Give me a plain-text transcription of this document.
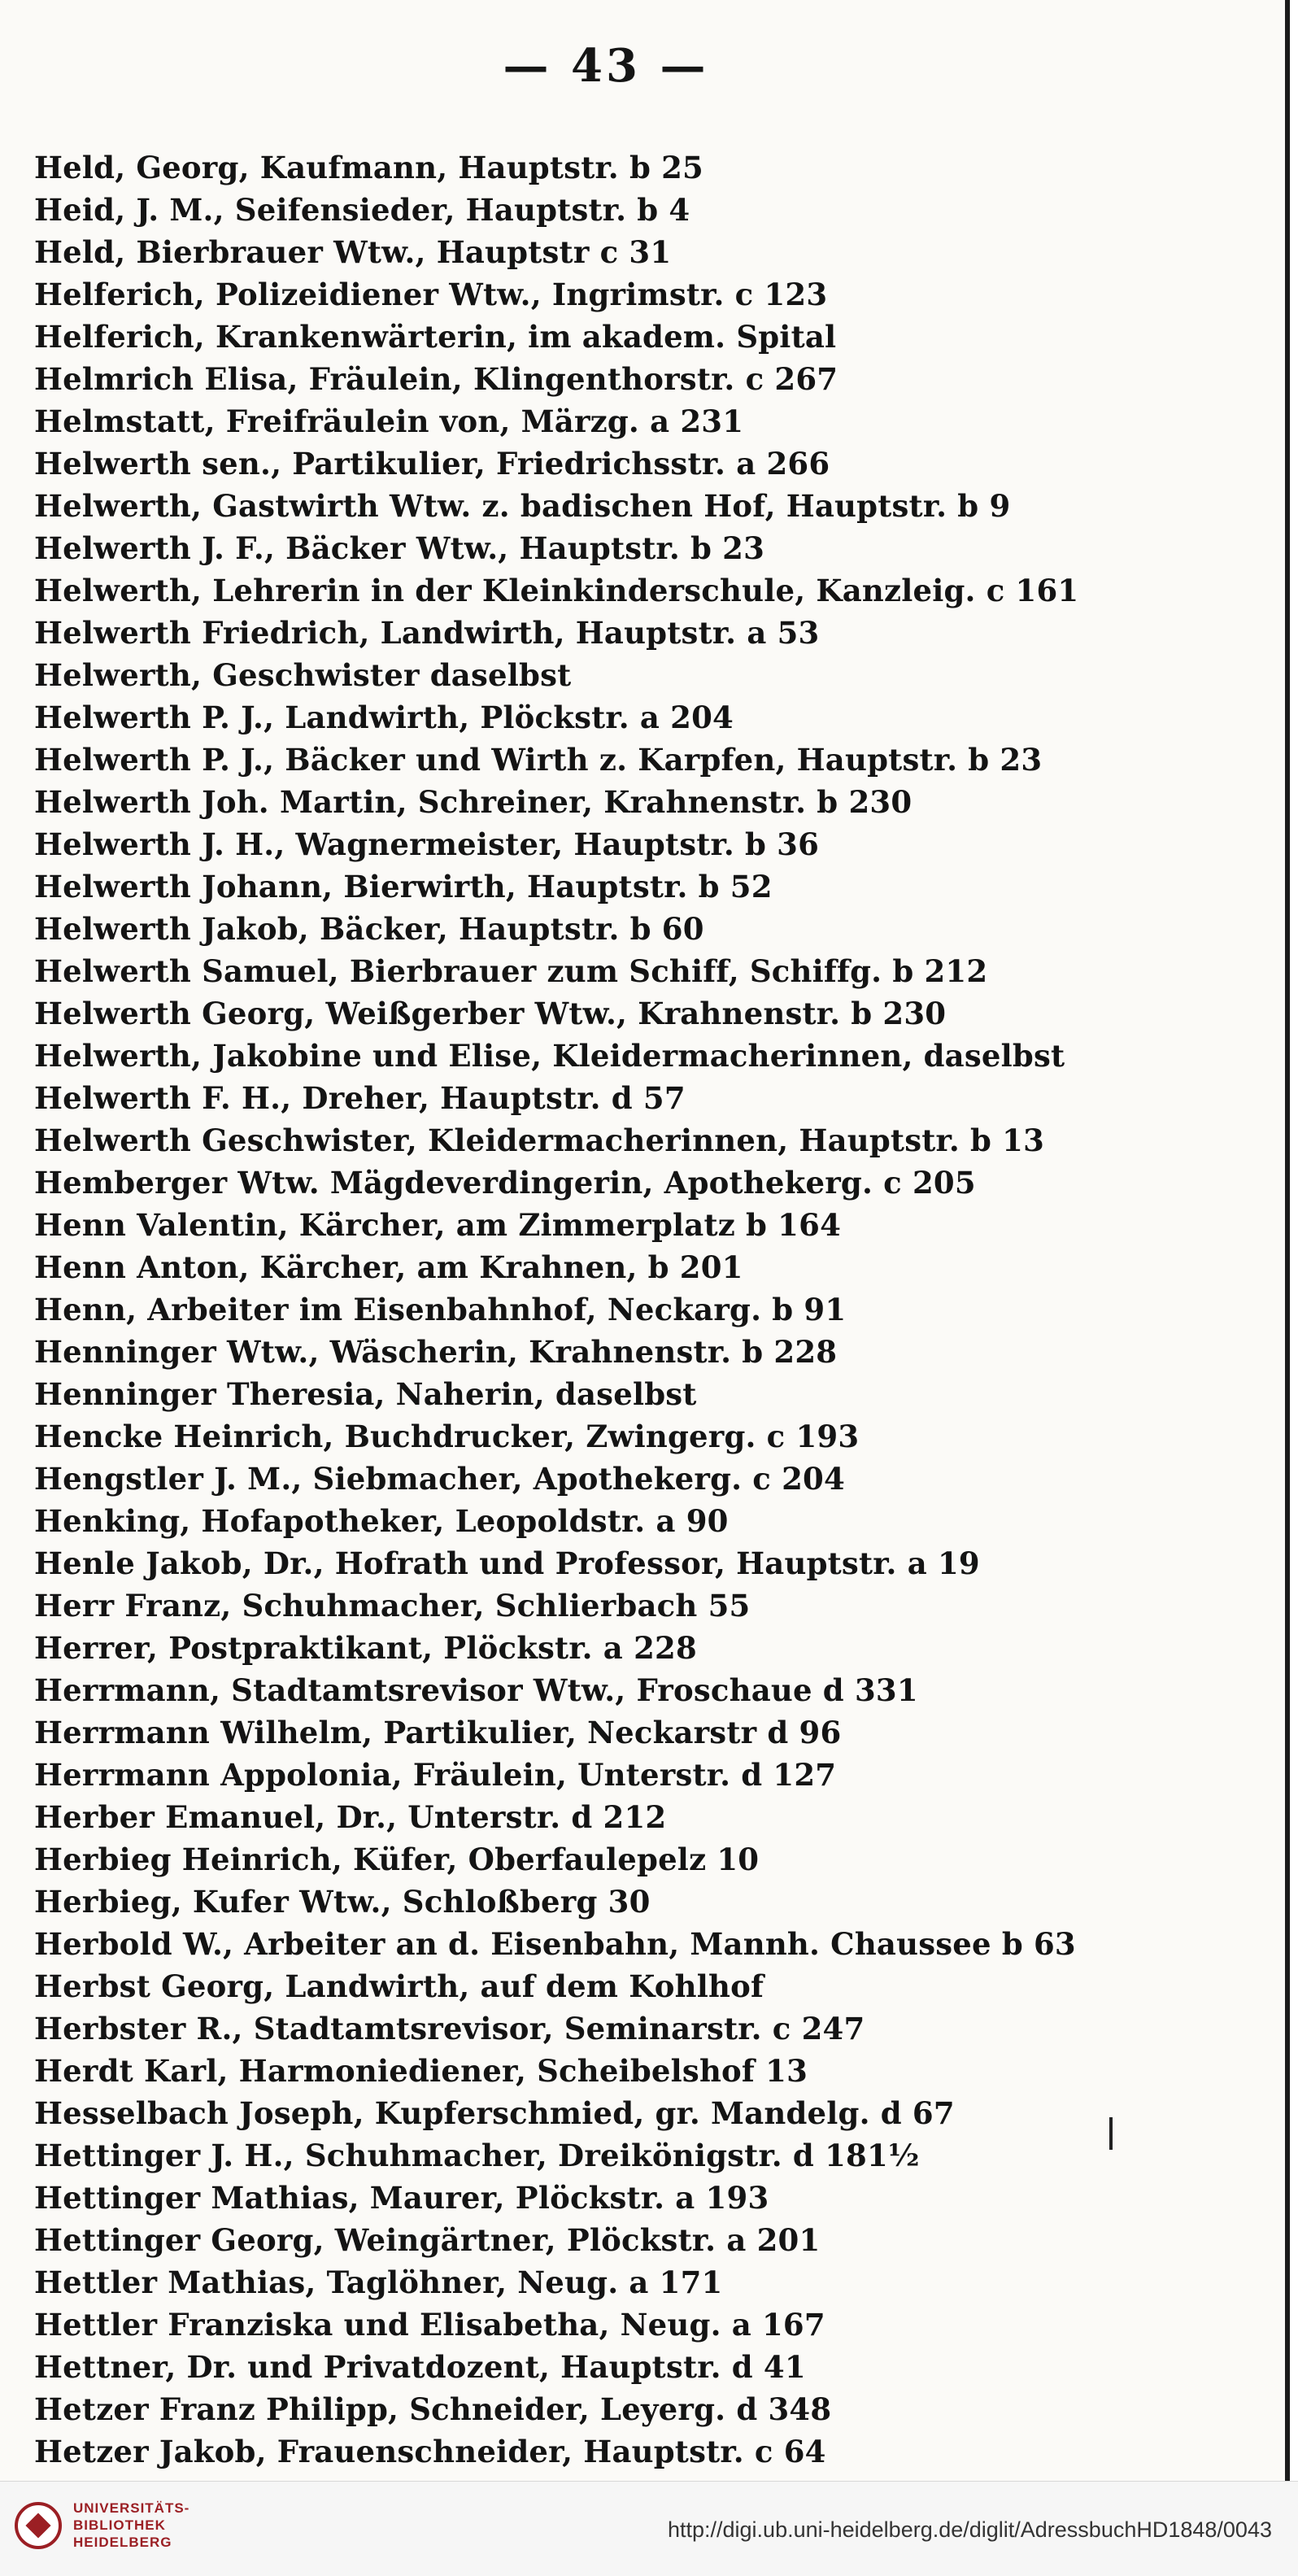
— 43 —
Held, Georg, Kaufmann, Hauptstr. b 25
Heid, J. M., Seifensieder, Hauptstr. b 4
Held, Bierbrauer Wtw., Hauptstr c 31
Helferich, Polizeidiener Wtw., Ingrimstr. c 123
Helferich, Krankenwärterin, im akadem. Spital
Helmrich Elisa, Fräulein, Klingenthorstr. c 267
Helmstatt, Freifräulein von, Märzg. a 231
Helwerth sen., Partikulier, Friedrichsstr. a 266
Helwerth, Gastwirth Wtw. z. badischen Hof, Hauptstr. b 9
Helwerth J. F., Bäcker Wtw., Hauptstr. b 23
Helwerth, Lehrerin in der Kleinkinderschule, Kanzleig. c 161
Helwerth Friedrich, Landwirth, Hauptstr. a 53
Helwerth, Geschwister daselbst
Helwerth P. J., Landwirth, Plöckstr. a 204
Helwerth P. J., Bäcker und Wirth z. Karpfen, Hauptstr. b 23
Helwerth Joh. Martin, Schreiner, Krahnenstr. b 230
Helwerth J. H., Wagnermeister, Hauptstr. b 36
Helwerth Johann, Bierwirth, Hauptstr. b 52
Helwerth Jakob, Bäcker, Hauptstr. b 60
Helwerth Samuel, Bierbrauer zum Schiff, Schiffg. b 212
Helwerth Georg, Weißgerber Wtw., Krahnenstr. b 230
Helwerth, Jakobine und Elise, Kleidermacherinnen, daselbst
Helwerth F. H., Dreher, Hauptstr. d 57
Helwerth Geschwister, Kleidermacherinnen, Hauptstr. b 13
Hemberger Wtw. Mägdeverdingerin, Apothekerg. c 205
Henn Valentin, Kärcher, am Zimmerplatz b 164
Henn Anton, Kärcher, am Krahnen, b 201
Henn, Arbeiter im Eisenbahnhof, Neckarg. b 91
Henninger Wtw., Wäscherin, Krahnenstr. b 228
Henninger Theresia, Naherin, daselbst
Hencke Heinrich, Buchdrucker, Zwingerg. c 193
Hengstler J. M., Siebmacher, Apothekerg. c 204
Henking, Hofapotheker, Leopoldstr. a 90
Henle Jakob, Dr., Hofrath und Professor, Hauptstr. a 19
Herr Franz, Schuhmacher, Schlierbach 55
Herrer, Postpraktikant, Plöckstr. a 228
Herrmann, Stadtamtsrevisor Wtw., Froschaue d 331
Herrmann Wilhelm, Partikulier, Neckarstr d 96
Herrmann Appolonia, Fräulein, Unterstr. d 127
Herber Emanuel, Dr., Unterstr. d 212
Herbieg Heinrich, Küfer, Oberfaulepelz 10
Herbieg, Kufer Wtw., Schloßberg 30
Herbold W., Arbeiter an d. Eisenbahn, Mannh. Chaussee b 63
Herbst Georg, Landwirth, auf dem Kohlhof
Herbster R., Stadtamtsrevisor, Seminarstr. c 247
Herdt Karl, Harmoniediener, Scheibelshof 13
Hesselbach Joseph, Kupferschmied, gr. Mandelg. d 67
Hettinger J. H., Schuhmacher, Dreikönigstr. d 181½
Hettinger Mathias, Maurer, Plöckstr. a 193
Hettinger Georg, Weingärtner, Plöckstr. a 201
Hettler Mathias, Taglöhner, Neug. a 171
Hettler Franziska und Elisabetha, Neug. a 167
Hettner, Dr. und Privatdozent, Hauptstr. d 41
Hetzer Franz Philipp, Schneider, Leyerg. d 348
Hetzer Jakob, Frauenschneider, Hauptstr. c 64
UNIVERSITÄTS-
BIBLIOTHEK
HEIDELBERG
http://digi.ub.uni-heidelberg.de/diglit/AdressbuchHD1848/0043
